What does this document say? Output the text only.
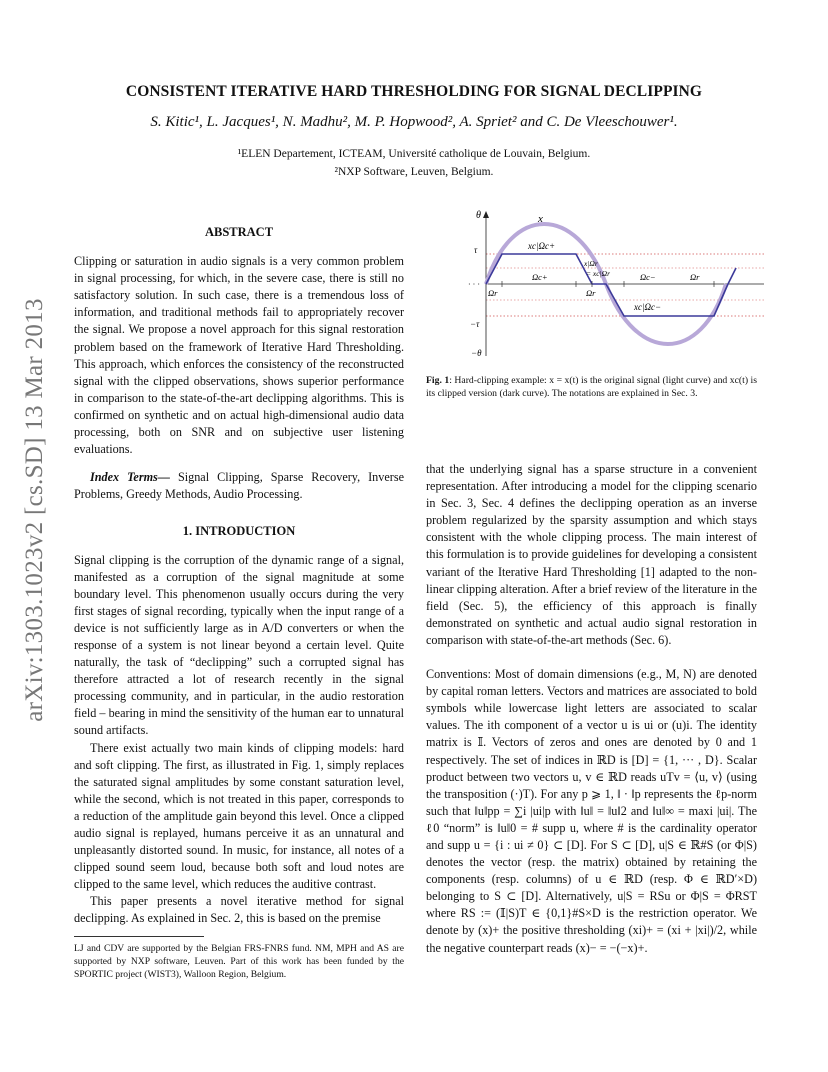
CONSISTENT ITERATIVE HARD THRESHOLDING FOR SIGNAL DECLIPPING
S. Kitic¹, L. Jacques¹, N. Madhu², M. P. Hopwood², A. Spriet² and C. De Vleeschouwer¹.
¹ELEN Departement, ICTEAM, Université catholique de Louvain, Belgium.
²NXP Software, Leuven, Belgium.
arXiv:1303.1023v2 [cs.SD] 13 Mar 2013
ABSTRACT

Clipping or saturation in audio signals is a very common problem in signal processing, for which, in the severe case, there is still no satisfactory solution. In such case, there is a tremendous loss of information, and traditional methods fail to appropriately recover the signal. We propose a novel approach for this signal restoration problem based on the framework of Iterative Hard Thresholding. This approach, which enforces the consistency of the reconstructed signal with the clipped observations, shows superior performance in comparison to the state-of-the-art declipping algorithms. This is confirmed on synthetic and on actual high-dimensional audio data processing, both on SNR and on subjective user listening evaluations.

Index Terms— Signal Clipping, Sparse Recovery, Inverse Problems, Greedy Methods, Audio Processing.

1. INTRODUCTION

Signal clipping is the corruption of the dynamic range of a signal, manifested as a corruption of the signal magnitude at some boundary level. This phenomenon usually occurs during the very first stages of signal recording, typically when the input range of a device is not sufficiently large as in A/D converters or when the response of a system is not linear beyond a certain level. Quite naturally, the task of “declipping” such a corrupted signal has therefore attracted a lot of research recently in the signal processing community, and in particular, in the audio restoration field – bearing in mind the sensitivity of the human ear to unnatural sound artifacts.

There exist actually two main kinds of clipping models: hard and soft clipping. The first, as illustrated in Fig. 1, simply replaces the saturated signal amplitudes by some constant saturation level, while the second, which is not treated in this paper, corresponds to a reduction of the amplitude gain beyond this level. Once a clipped audio signal is replayed, humans perceive it as an unnatural and unpleasantly distorted sound. In music, for instance, all notes of a clipped sound seem loud, because both soft and loud notes are clipped to the same level, which reduces the auditive contrast.

This paper presents a novel iterative method for signal declipping. As explained in Sec. 2, this is based on the premise

LJ and CDV are supported by the Belgian FRS-FNRS fund. NM, MPH and AS are supported by NXP software, Leuven. Part of this work has been funded by the SPORTIC project (WIST3), Walloon Region, Belgium.
θ	x
τ
· · ·
−τ
−θ
xc|Ωc+
Ωc+
Ωr
x|Ωr
= xc|Ωr
Ωr
Ωc−	Ωr
xc|Ωc−
Fig. 1: Hard-clipping example: x = x(t) is the original signal (light curve) and xc(t) is its clipped version (dark curve). The notations are explained in Sec. 3.

that the underlying signal has a sparse structure in a convenient representation. After introducing a model for the clipping scenario in Sec. 3, Sec. 4 defines the declipping operation as an inverse problem regularized by the sparsity assumption and which stays consistent with the whole clipping process. The main interest of this formulation is to provide guidelines for developing a consistent variant of the Iterative Hard Thresholding [1] adapted to the non-linear clipping alteration. After a brief review of the literature in the field (Sec. 5), the efficiency of this approach is finally demonstrated on synthetic and actual audio signal restoration in comparison with state-of-the-art methods (Sec. 6).

Conventions: Most of domain dimensions (e.g., M, N) are denoted by capital roman letters. Vectors and matrices are associated to bold symbols while lowercase light letters are associated to scalar values. The ith component of a vector u is ui or (u)i. The identity matrix is 𝕀. Vectors of zeros and ones are denoted by 0 and 1 respectively. The set of indices in ℝD is [D] = {1, ··· , D}. Scalar product between two vectors u, v ∈ ℝD reads uTv = ⟨u, v⟩ (using the transposition (·)T). For any p ⩾ 1, ‖ · ‖p represents the ℓp-norm such that ‖u‖pp = ∑i |ui|p with ‖u‖ = ‖u‖2 and ‖u‖∞ = maxi |ui|. The ℓ0 “norm” is ‖u‖0 = # supp u, where # is the cardinality operator and supp u = {i : ui ≠ 0} ⊂ [D]. For S ⊂ [D], u|S ∈ ℝ#S (or Φ|S) denotes the vector (resp. the matrix) obtained by retaining the components (resp. columns) of u ∈ ℝD (resp. Φ ∈ ℝD′×D) belonging to S ⊂ [D]. Alternatively, u|S = RSu or Φ|S = ΦRST where RS := (𝕀|S)T ∈ {0,1}#S×D is the restriction operator. We denote by (x)+ the positive thresholding (xi)+ = (xi + |xi|)/2, while the negative counterpart reads (x)− = −(−x)+.
